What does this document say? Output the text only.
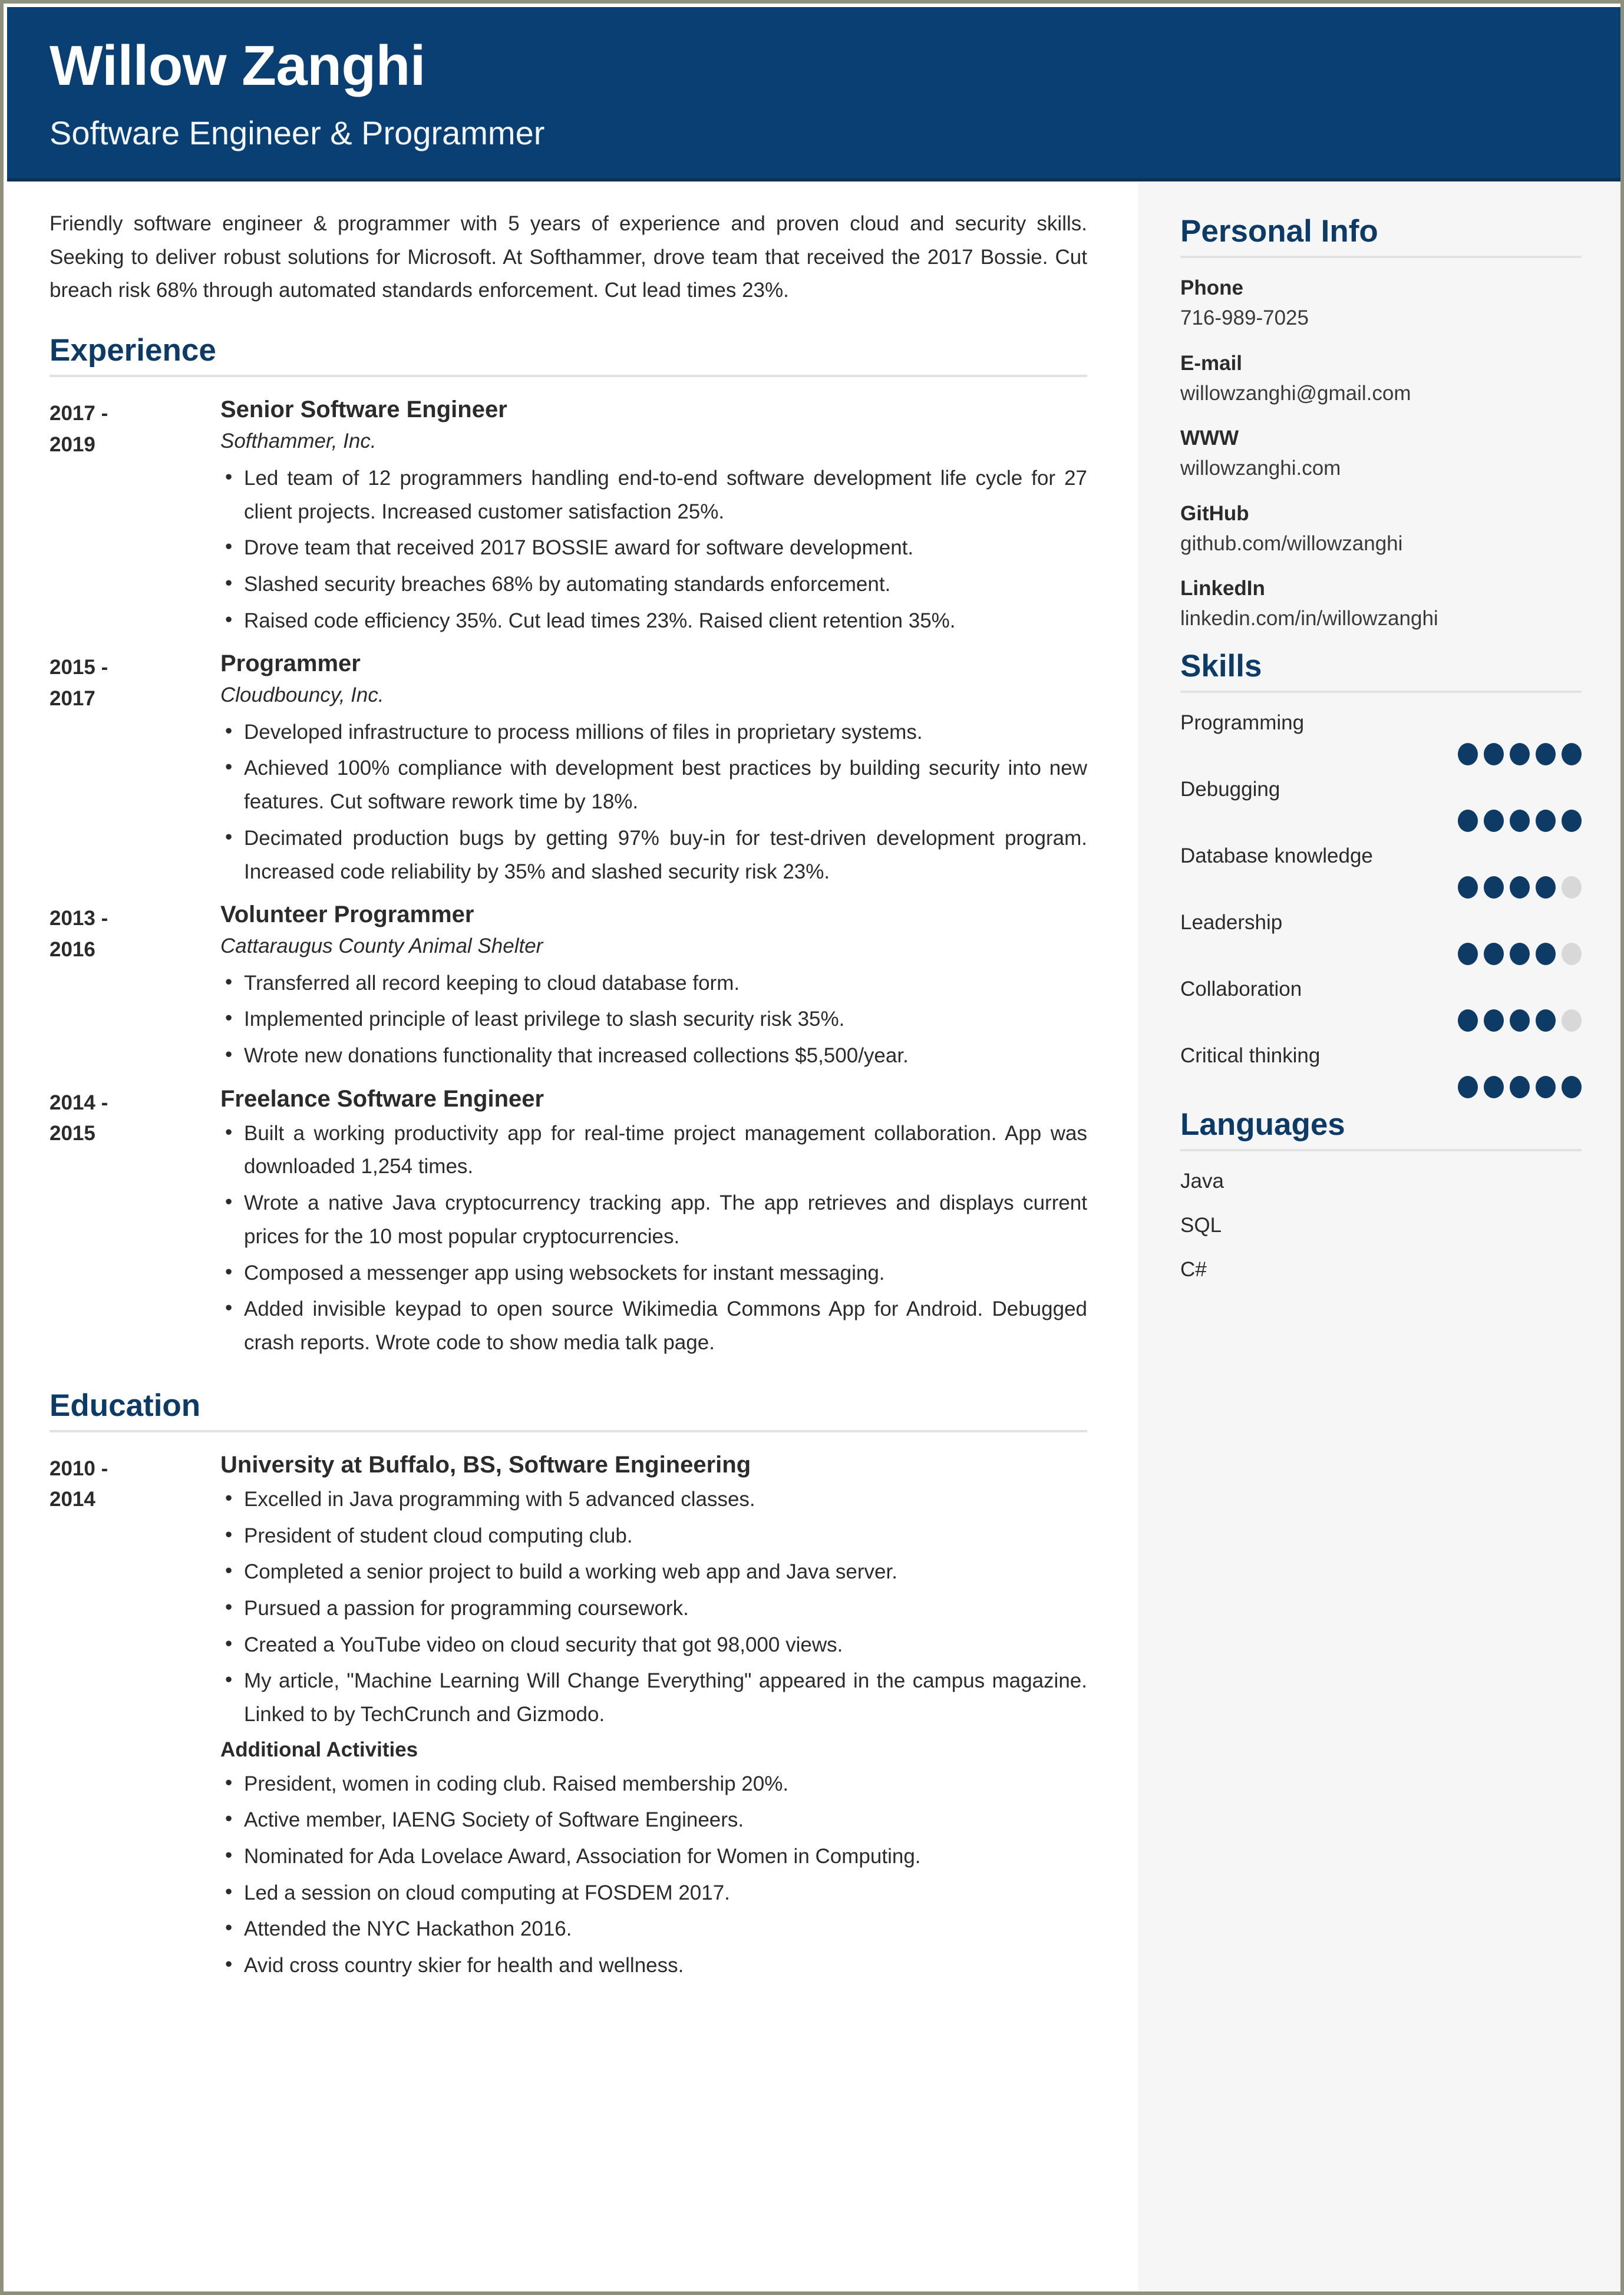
Willow Zanghi
Software Engineer & Programmer

Friendly software engineer & programmer with 5 years of experience and proven cloud and security skills. Seeking to deliver robust solutions for Microsoft. At Softhammer, drove team that received the 2017 Bossie. Cut breach risk 68% through automated standards enforcement. Cut lead times 23%.

Experience
2017 -
2019
Senior Software Engineer
Softhammer, Inc.
• Led team of 12 programmers handling end-to-end software development life cycle for 27 client projects. Increased customer satisfaction 25%.
• Drove team that received 2017 BOSSIE award for software development.
• Slashed security breaches 68% by automating standards enforcement.
• Raised code efficiency 35%. Cut lead times 23%. Raised client retention 35%.
2015 -
2017
Programmer
Cloudbouncy, Inc.
• Developed infrastructure to process millions of files in proprietary systems.
• Achieved 100% compliance with development best practices by building security into new features. Cut software rework time by 18%.
• Decimated production bugs by getting 97% buy-in for test-driven development program. Increased code reliability by 35% and slashed security risk 23%.
2013 -
2016
Volunteer Programmer
Cattaraugus County Animal Shelter
• Transferred all record keeping to cloud database form.
• Implemented principle of least privilege to slash security risk 35%.
• Wrote new donations functionality that increased collections $5,500/year.
2014 -
2015
Freelance Software Engineer
• Built a working productivity app for real-time project management collaboration. App was downloaded 1,254 times.
• Wrote a native Java cryptocurrency tracking app. The app retrieves and displays current prices for the 10 most popular cryptocurrencies.
• Composed a messenger app using websockets for instant messaging.
• Added invisible keypad to open source Wikimedia Commons App for Android. Debugged crash reports. Wrote code to show media talk page.
Education
2010 -
2014
University at Buffalo, BS, Software Engineering
• Excelled in Java programming with 5 advanced classes.
• President of student cloud computing club.
• Completed a senior project to build a working web app and Java server.
• Pursued a passion for programming coursework.
• Created a YouTube video on cloud security that got 98,000 views.
• My article, "Machine Learning Will Change Everything" appeared in the campus magazine. Linked to by TechCrunch and Gizmodo.
Additional Activities
• President, women in coding club. Raised membership 20%.
• Active member, IAENG Society of Software Engineers.
• Nominated for Ada Lovelace Award, Association for Women in Computing.
• Led a session on cloud computing at FOSDEM 2017.
• Attended the NYC Hackathon 2016.
• Avid cross country skier for health and wellness.
Personal Info
Phone
716-989-7025
E-mail
willowzanghi@gmail.com
WWW
willowzanghi.com
GitHub
github.com/willowzanghi
LinkedIn
linkedin.com/in/willowzanghi
Skills
Programming
Debugging
Database knowledge
Leadership
Collaboration
Critical thinking
Languages
Java
SQL
C#
